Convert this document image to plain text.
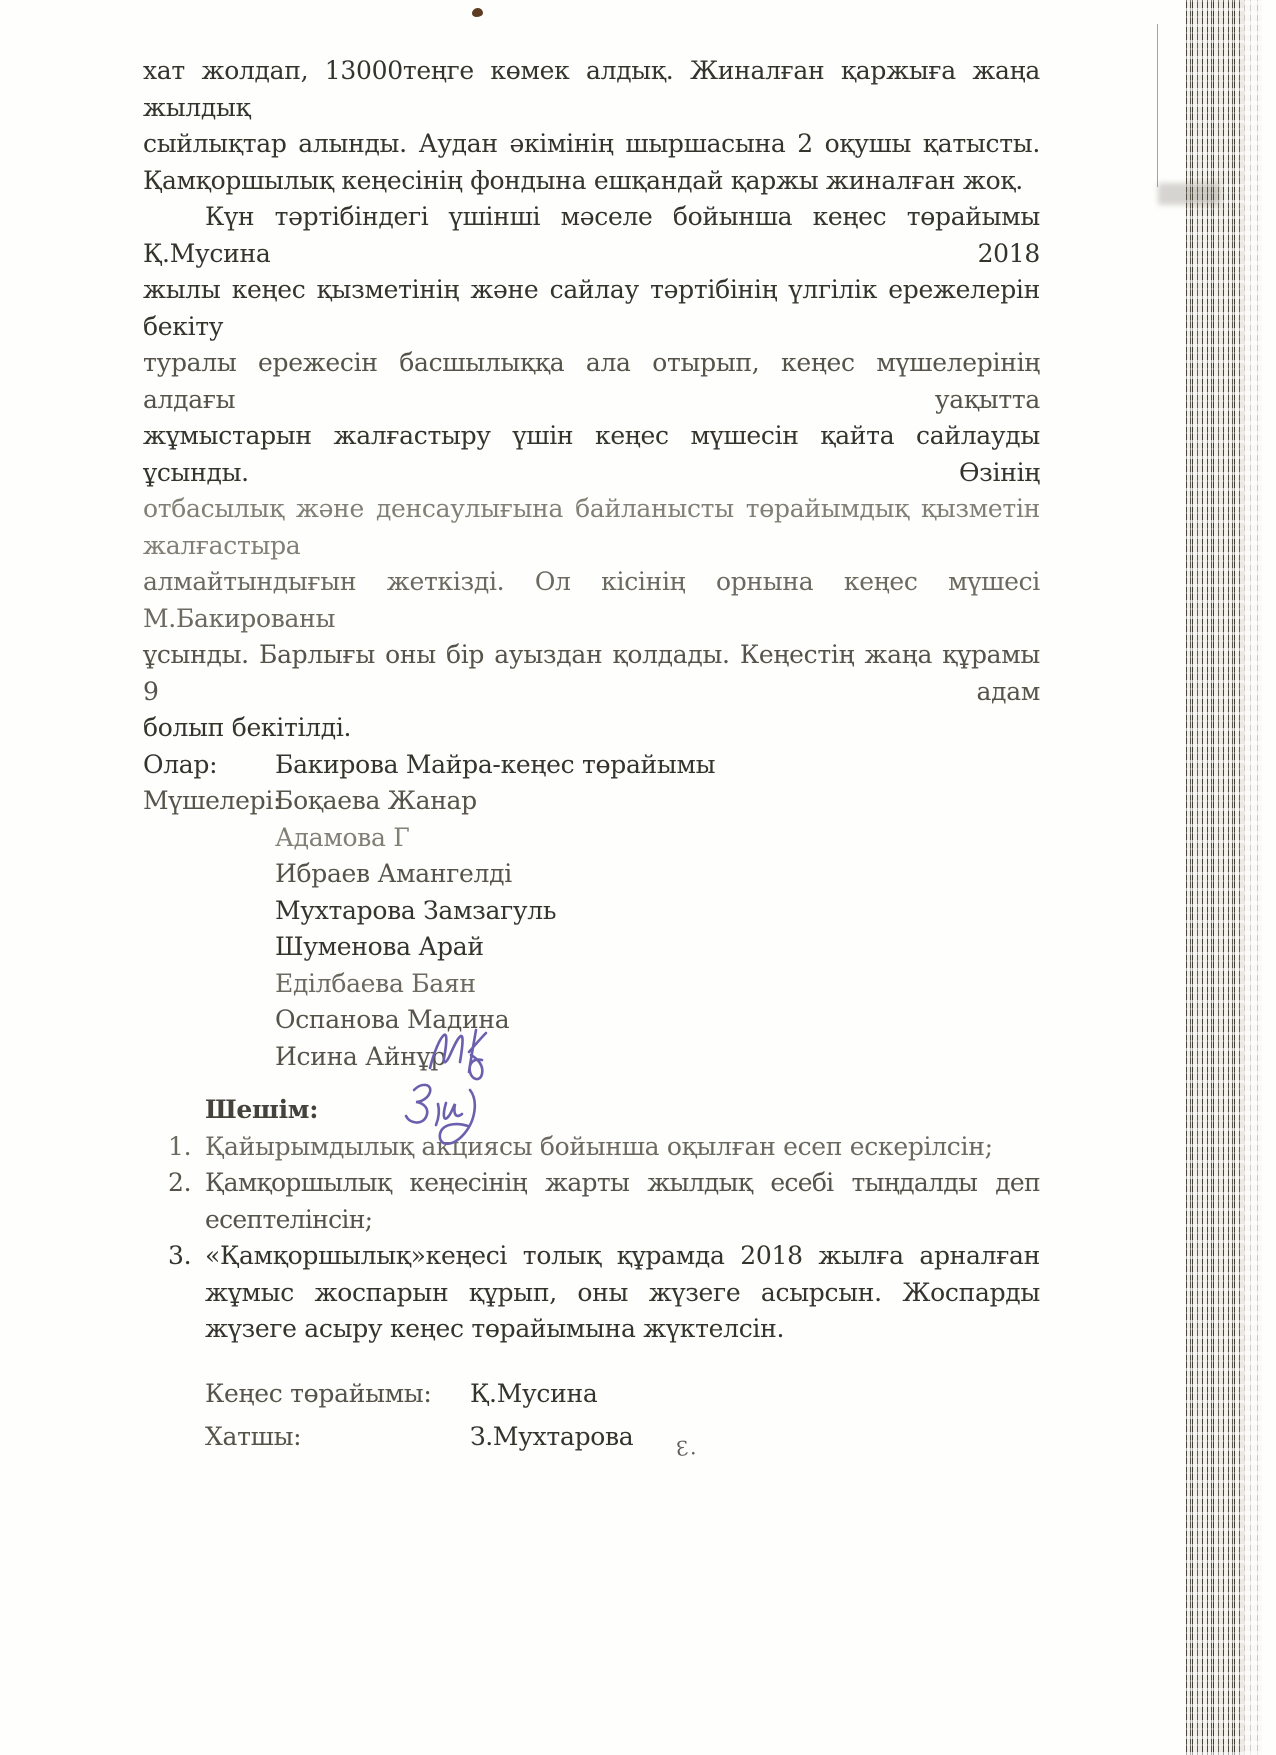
Ɛ.

хат жолдап, 13000теңге көмек алдық. Жиналған қаржыға жаңа жылдық
сыйлықтар алынды. Аудан әкімінің шыршасына 2 оқушы қатысты.
Қамқоршылық кеңесінің фондына ешқандай қаржы жиналған жоқ.

Күн тәртібіндегі үшінші мәселе бойынша кеңес төрайымы Қ.Мусина 2018
жылы кеңес қызметінің және сайлау тәртібінің үлгілік ережелерін бекіту
туралы ережесін басшылыққа ала отырып, кеңес мүшелерінің алдағы уақытта
жұмыстарын жалғастыру үшін кеңес мүшесін қайта сайлауды ұсынды. Өзінің
отбасылық және денсаулығына байланысты төрайымдық қызметін жалғастыра
алмайтындығын жеткізді. Ол кісінің орнына кеңес мүшесі М.Бакированы
ұсынды. Барлығы оны бір ауыздан қолдады. Кеңестің жаңа құрамы 9 адам
болып бекітілді.

Олар: Бакирова Майра-кеңес төрайымы
Мүшелері:Боқаева Жанар
Адамова Г
Ибраев Амангелді
Мухтарова Замзагуль
Шуменова Арай
Еділбаева Баян
Оспанова Мадина
Исина Айнұр
Шешім:
1. Қайырымдылық акциясы бойынша оқылған есеп ескерілсін;
2. Қамқоршылық кеңесінің жарты жылдық есебі тыңдалды деп есептелінсін;
3. «Қамқоршылық»кеңесі толық құрамда 2018 жылға арналған жұмыс жоспарын құрып, оны жүзеге асырсын. Жоспарды жүзеге асыру кеңес төрайымына жүктелсін.
Кеңес төрайымы: Қ.Мусина
Хатшы:	З.Мухтарова
